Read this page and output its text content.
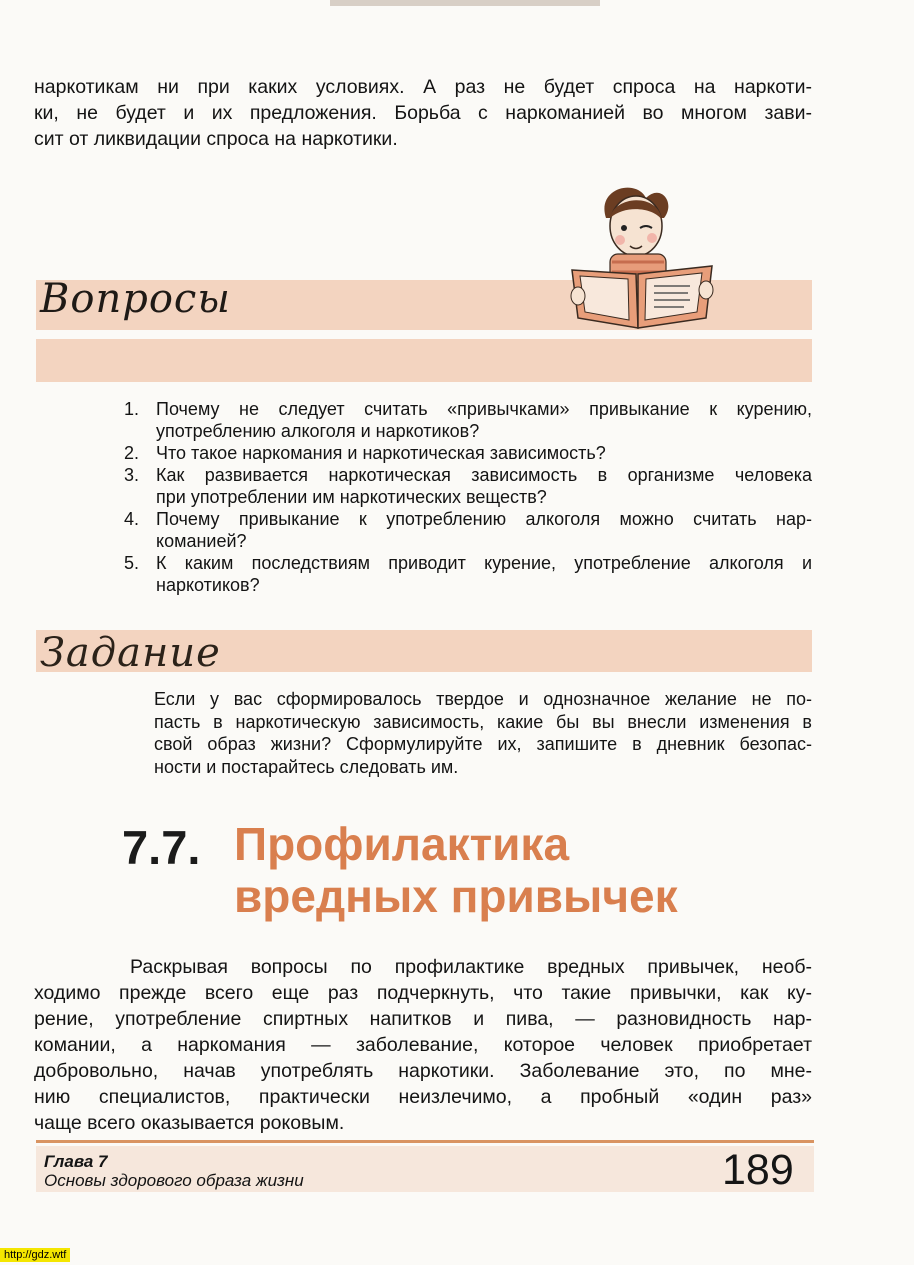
наркотикам ни при каких условиях. А раз не будет спроса на наркоти-
ки, не будет и их предложения. Борьба с наркоманией во многом зави-
сит от ликвидации спроса на наркотики.
Вопросы
1. Почему не следует считать «привычками» привыкание к курению,
употреблению алкоголя и наркотиков?
2. Что такое наркомания и наркотическая зависимость?
3. Как развивается наркотическая зависимость в организме человека
при употреблении им наркотических веществ?
4. Почему привыкание к употреблению алкоголя можно считать нар-
команией?
5. К каким последствиям приводит курение, употребление алкоголя и
наркотиков?
Задание
Если у вас сформировалось твердое и однозначное желание не по-
пасть в наркотическую зависимость, какие бы вы внесли изменения в
свой образ жизни? Сформулируйте их, запишите в дневник безопас-
ности и постарайтесь следовать им.
7.7. Профилактика
вредных привычек
Раскрывая вопросы по профилактике вредных привычек, необ-
ходимо прежде всего еще раз подчеркнуть, что такие привычки, как ку-
рение, употребление спиртных напитков и пива, — разновидность нар-
комании, а наркомания — заболевание, которое человек приобретает
добровольно, начав употреблять наркотики. Заболевание это, по мне-
нию специалистов, практически неизлечимо, а пробный «один раз»
чаще всего оказывается роковым.
Глава 7
Основы здорового образа жизни	189
http://gdz.wtf
